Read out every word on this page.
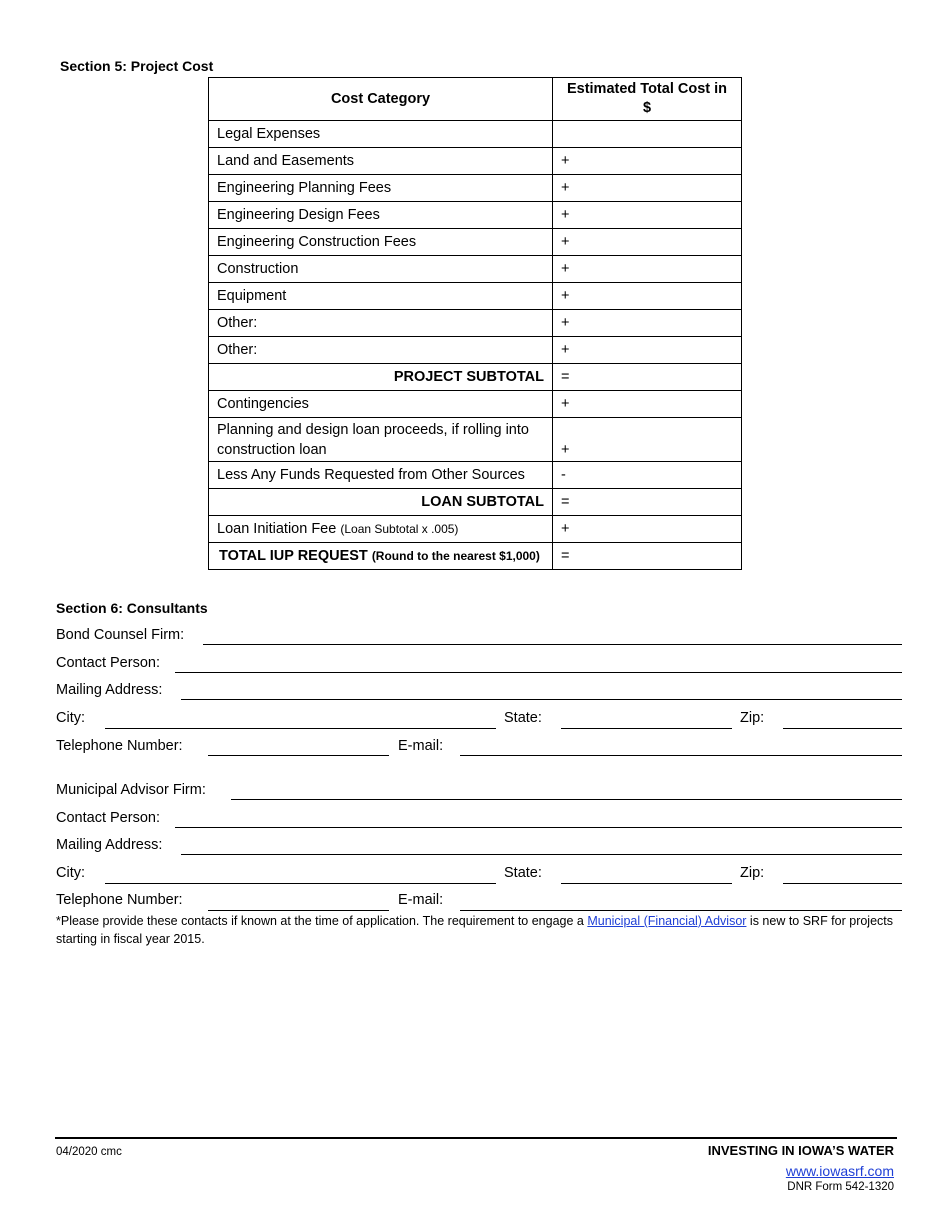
Section 5: Project Cost
Cost Category	Estimated Total Cost in $
Legal Expenses	
Land and Easements	+
Engineering Planning Fees	+
Engineering Design Fees	+
Engineering Construction Fees	+
Construction	+
Equipment	+
Other:	+
Other:	+
PROJECT SUBTOTAL	=
Contingencies	+
Planning and design loan proceeds, if rolling into construction loan	+
Less Any Funds Requested from Other Sources	-
LOAN SUBTOTAL	=
Loan Initiation Fee (Loan Subtotal x .005)	+
TOTAL IUP REQUEST (Round to the nearest $1,000)	=
Section 6: Consultants
Bond Counsel Firm:
Contact Person:
Mailing Address:
City:	State:	Zip:
Telephone Number:	E-mail:
Municipal Advisor Firm:
Contact Person:
Mailing Address:
City:	State:	Zip:
Telephone Number:	E-mail:
*Please provide these contacts if known at the time of application. The requirement to engage a Municipal (Financial) Advisor is new to SRF for projects starting in fiscal year 2015.
04/2020 cmc	INVESTING IN IOWA’S WATER
www.iowasrf.com
DNR Form 542-1320
